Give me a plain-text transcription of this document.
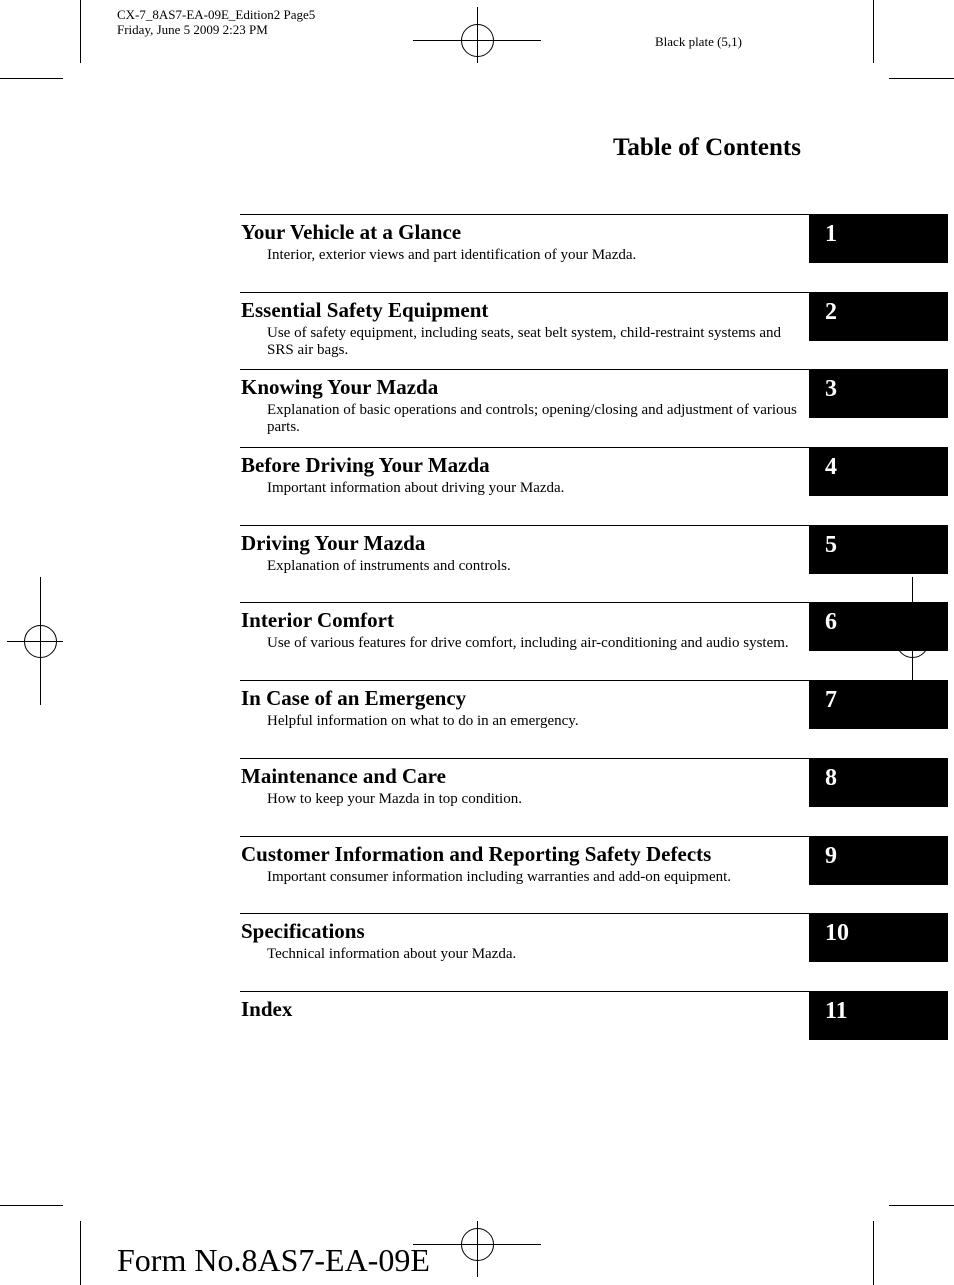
CX-7_8AS7-EA-09E_Edition2 Page5
Friday, June 5 2009 2:23 PM
Black plate (5,1)
Table of Contents
Your Vehicle at a Glance
Interior, exterior views and part identification of your Mazda.
1
Essential Safety Equipment
Use of safety equipment, including seats, seat belt system, child-restraint systems and SRS air bags.
2
Knowing Your Mazda
Explanation of basic operations and controls; opening/closing and adjustment of various parts.
3
Before Driving Your Mazda
Important information about driving your Mazda.
4
Driving Your Mazda
Explanation of instruments and controls.
5
Interior Comfort
Use of various features for drive comfort, including air-conditioning and audio system.
6
In Case of an Emergency
Helpful information on what to do in an emergency.
7
Maintenance and Care
How to keep your Mazda in top condition.
8
Customer Information and Reporting Safety Defects
Important consumer information including warranties and add-on equipment.
9
Specifications
Technical information about your Mazda.
10
Index	11
Form No.8AS7-EA-09E
